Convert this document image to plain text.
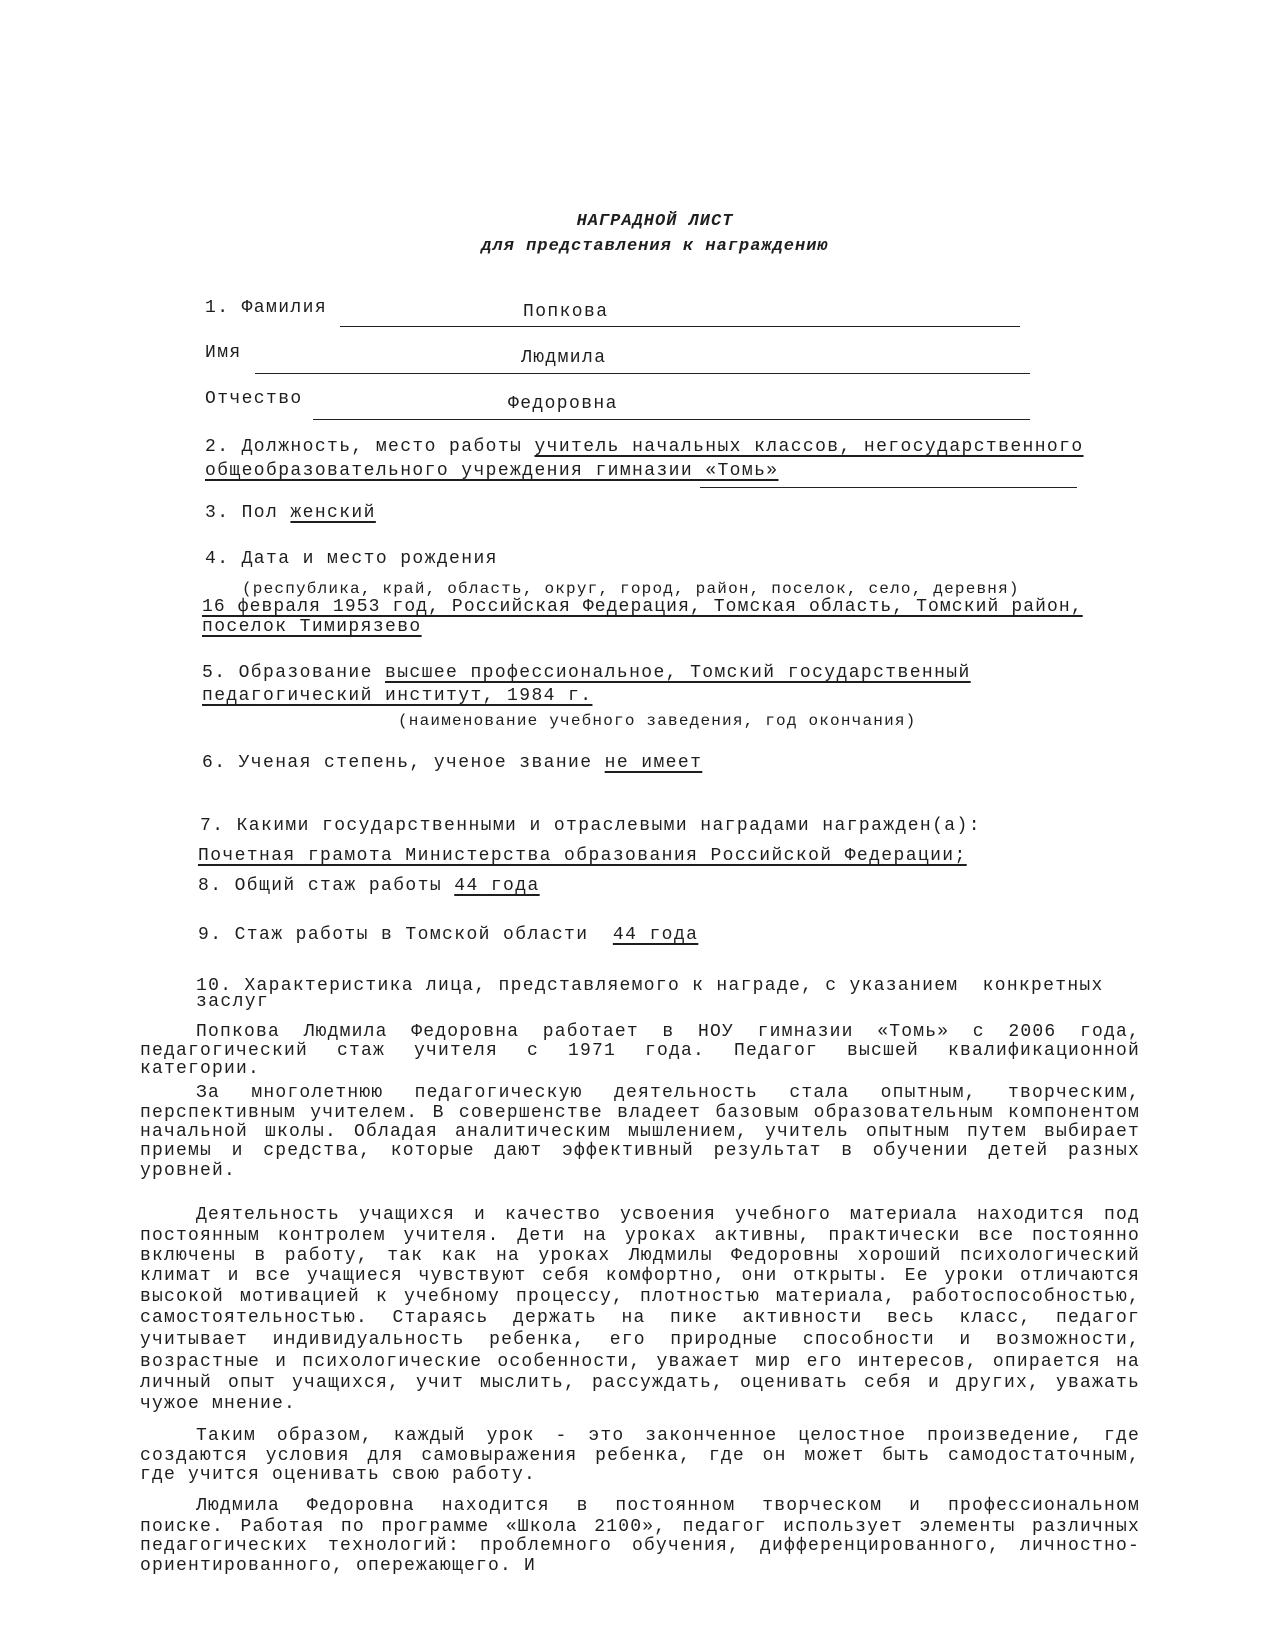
НАГРАДНОЙ ЛИСТ
для представления к награждению
1. Фамилия	Попкова
Имя	Людмила
Отчество	Федоровна
2. Должность, место работы учитель начальных классов, негосударственного
общеобразовательного учреждения гимназии «Томь»
3. Пол женский
4. Дата и место рождения
(республика, край, область, округ, город, район, поселок, село, деревня)
16 февраля 1953 год, Российская Федерация, Томская область, Томский район,
поселок Тимирязево
5. Образование высшее профессиональное, Томский государственный
педагогический институт, 1984 г.
(наименование учебного заведения, год окончания)
6. Ученая степень, ученое звание не имеет
7. Какими государственными и отраслевыми наградами награжден(а):
Почетная грамота Министерства образования Российской Федерации;
8. Общий стаж работы 44 года
9. Стаж работы в Томской области  44 года
10. Характеристика лица, представляемого к награде, с указанием  конкретных
заслуг
Попкова Людмила Федоровна работает в НОУ гимназии «Томь» с 2006 года,
педагогический стаж учителя с 1971 года. Педагог высшей квалификационной
категории.
За многолетнюю педагогическую деятельность стала опытным, творческим,
перспективным учителем. В совершенстве владеет базовым образовательным компонентом
начальной школы. Обладая аналитическим мышлением, учитель опытным путем выбирает
приемы и средства, которые дают эффективный результат в обучении детей разных
уровней.
Деятельность учащихся и качество усвоения учебного материала находится под
постоянным контролем учителя. Дети на уроках активны, практически все постоянно
включены в работу, так как на уроках Людмилы Федоровны хороший психологический
климат и все учащиеся чувствуют себя комфортно, они открыты. Ее уроки отличаются
высокой мотивацией к учебному процессу, плотностью материала, работоспособностью,
самостоятельностью. Стараясь держать на пике активности весь класс, педагог
учитывает индивидуальность ребенка, его природные способности и возможности,
возрастные и психологические особенности, уважает мир его интересов, опирается на
личный опыт учащихся, учит мыслить, рассуждать, оценивать себя и других, уважать
чужое мнение.
Таким образом, каждый урок - это законченное целостное произведение, где
создаются условия для самовыражения ребенка, где он может быть самодостаточным,
где учится оценивать свою работу.
Людмила Федоровна находится в постоянном творческом и профессиональном
поиске. Работая по программе «Школа 2100», педагог использует элементы различных
педагогических технологий: проблемного обучения, дифференцированного, личностно-
ориентированного, опережающего. И
